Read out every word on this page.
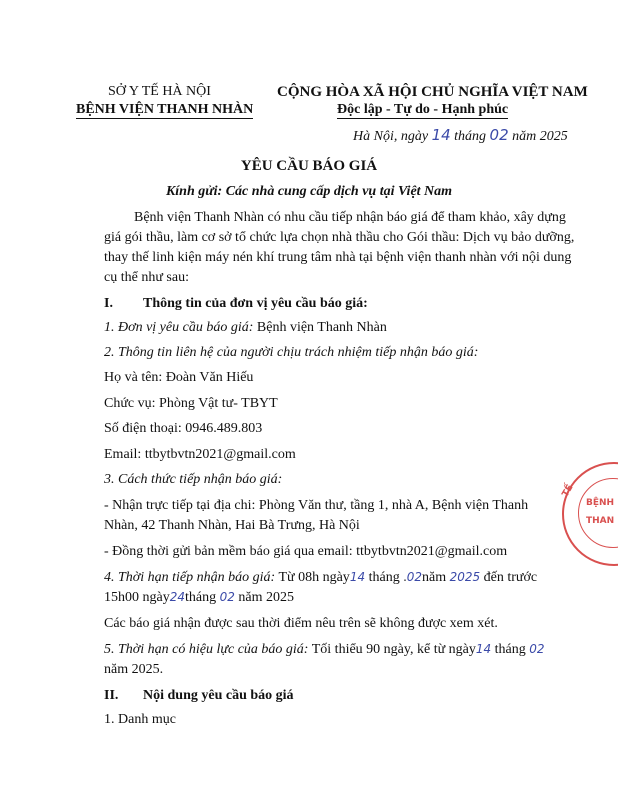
SỞ Y TẾ HÀ NỘI
BỆNH VIỆN THANH NHÀN
CỘNG HÒA XÃ HỘI CHỦ NGHĨA VIỆT NAM
Độc lập - Tự do - Hạnh phúc
Hà Nội, ngày 14 tháng 02 năm 2025
YÊU CẦU BÁO GIÁ
Kính gửi: Các nhà cung cấp dịch vụ tại Việt Nam
Bệnh viện Thanh Nhàn có nhu cầu tiếp nhận báo giá để tham khảo, xây dựng
giá gói thầu, làm cơ sở tổ chức lựa chọn nhà thầu cho Gói thầu: Dịch vụ bảo dưỡng,
thay thế linh kiện máy nén khí trung tâm nhà tại bệnh viện thanh nhàn với nội dung
cụ thể như sau:
I. Thông tin của đơn vị yêu cầu báo giá:
1. Đơn vị yêu cầu báo giá: Bệnh viện Thanh Nhàn
2. Thông tin liên hệ của người chịu trách nhiệm tiếp nhận báo giá:
Họ và tên: Đoàn Văn Hiếu
Chức vụ: Phòng Vật tư- TBYT
Số điện thoại: 0946.489.803
Email: ttbytbvtn2021@gmail.com
3. Cách thức tiếp nhận báo giá:
- Nhận trực tiếp tại địa chi: Phòng Văn thư, tầng 1, nhà A, Bệnh viện Thanh
Nhàn, 42 Thanh Nhàn, Hai Bà Trưng, Hà Nội
- Đồng thời gửi bản mềm báo giá qua email: ttbytbvtn2021@gmail.com
4. Thời hạn tiếp nhận báo giá: Từ 08h ngày14 tháng .02năm 2025 đến trước
15h00 ngày24tháng 02 năm 2025
Các báo giá nhận được sau thời điểm nêu trên sẽ không được xem xét.
5. Thời hạn có hiệu lực của báo giá: Tối thiểu 90 ngày, kể từ ngày14 tháng 02
năm 2025.
II. Nội dung yêu cầu báo giá
1. Danh mục
BỆNH
THAN
TẾ
